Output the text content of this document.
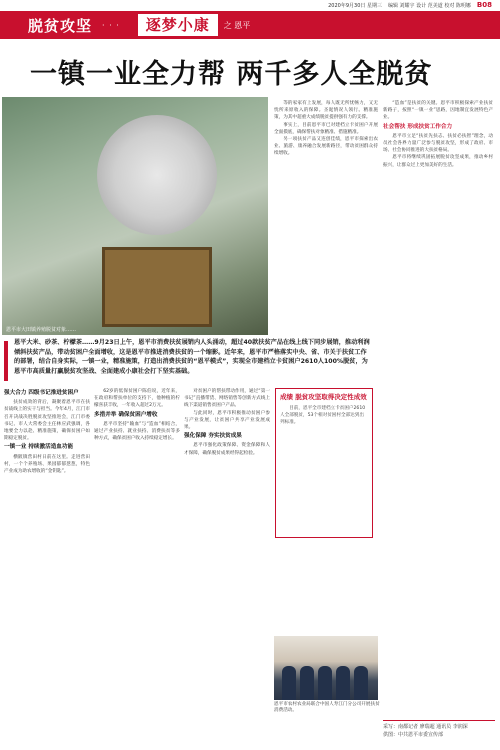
2020年9月30日 星期三 编辑 刘耀宇 设计 范美道 校对 陈明娜 B08
脱贫攻坚 · · ·	逐梦小康	之 恩平
一镇一业全力帮 两千多人全脱贫
恩平市大田镇养殖脱贫对象……

等的家家有上发展，每人既无所忧畅力，又无忧所来原收入的保障。圣诞情况人领行。精准施策，为其中超重大成绩脱贫提供强有力的支撑。

事实上，目前恩平市已对建档立卡贫困户开展全面摸底，确保帮扶对象精准、措施精准。

另一项扶贫产品又连创佳绩，恩平市探索出农业、旅游、康养融合发展新路径，带动贫困群众持续增收。

“造血”是扶贫的关键。恩平市积极探索产业扶贫新路子，按照“一镇一业”思路，因地制宜发展特色产业。

社会帮扶 形成扶贫工作合力

恩平市立足“扶贫先扶志、扶贫必扶智”理念，动员社会各界力量广泛参与脱贫攻坚，形成了政府、市场、社会协同推进的大扶贫格局。

恩平市将继续巩固拓展脱贫攻坚成果，推动乡村振兴，让群众过上更加美好的生活。

恩平大米、砂茶、柠檬茶……9月23日上午，恩平市消费扶贫展销内人头涌动，超过40款扶贫产品在线上线下同步展销，推动利润倾斜扶贫产品，带动贫困户全面增收，这是恩平市推进消费扶贫的一个缩影。近年来，恩平市严格落实中央、省、市关于扶贫工作的部署，结合自身实际，一镇一业，精准施策，打造出消费扶贫的“恩平模式”，实现全市建档立卡贫困户2610人100%脱贫，为恩平市高质量打赢脱贫攻坚战、全面建成小康社会打下坚实基础。
强大合力 四级书记推进贫困户

扶贫成效的背后，凝聚着恩平市在扶贫战线上的实干与担当。今年4月，江门市召开决战决胜脱贫攻坚推进会，江门市委书记、市人大常委会主任林应武强调，各地要全力以赴、精准施策，确保贫困户如期稳定脱贫。

一镇一业 持续激活造血功能

横陂镇营田村日前在这里。走进营田村，一个个养殖场、果园郁郁葱葱，特色产业成为助农增收的“金钥匙”。

62岁的低保贫困户陈伯说，近年来，在政府和帮扶单位的支持下，他种植的柠檬喜获丰收，一年收入超过2万元。

多措并举 确保贫困户增收

恩平市坚持“输血”与“造血”相结合，通过产业扶持、就业扶持、消费扶贫等多种方式，确保贫困户收入持续稳定增长。

对贫困户的帮扶带动作用，通过“第一书记”直播带货、网络销售等创新方式线上线下渠道销售贫困户产品。

与此同时，恩平市积极推动贫困户参与产业发展，让贫困户共享产业发展成果。

强化保障 夯实扶贫成果

恩平市强化政策保障、资金保障和人才保障，确保脱贫成果经得起检验。

成绩 脱贫攻坚取得决定性成效
目前，恩平全市建档立卡贫困户2610人全部脱贫，53个相对贫困村全部达到出列标准。
恩平市农村农业局联合中国人寿江门分公司开展扶贫消费活动。
采写：南都记者 廖瑞超 通讯员 李润深
供图：中共恩平市委宣传部
